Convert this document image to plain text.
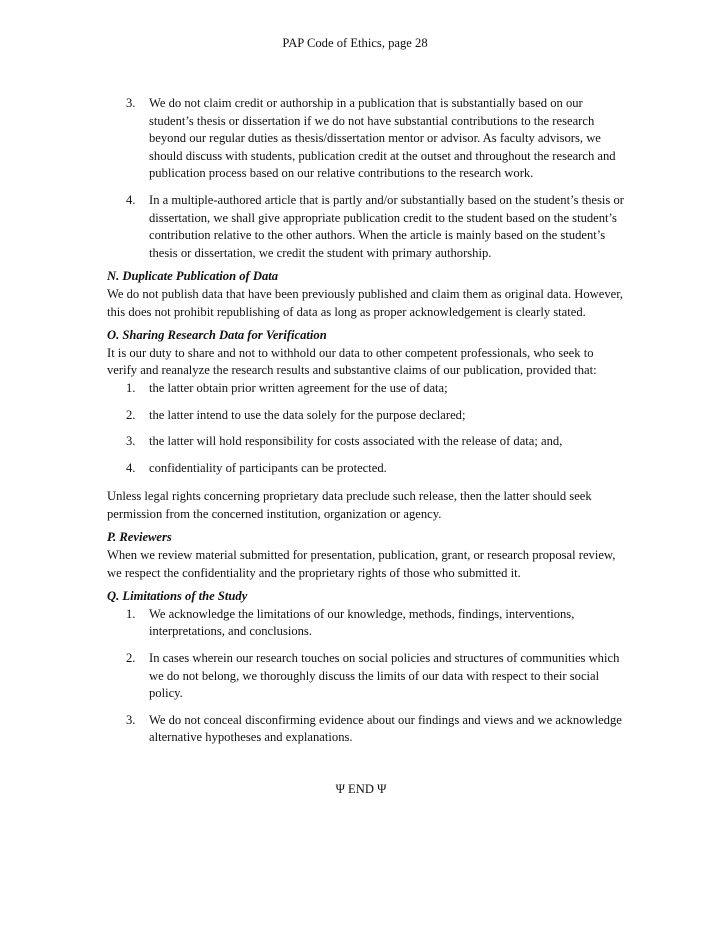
PAP Code of Ethics, page 28
3. We do not claim credit or authorship in a publication that is substantially based on our student’s thesis or dissertation if we do not have substantial contributions to the research beyond our regular duties as thesis/dissertation mentor or advisor. As faculty advisors, we should discuss with students, publication credit at the outset and throughout the research and publication process based on our relative contributions to the research work.
4. In a multiple-authored article that is partly and/or substantially based on the student’s thesis or dissertation, we shall give appropriate publication credit to the student based on the student’s contribution relative to the other authors. When the article is mainly based on the student’s thesis or dissertation, we credit the student with primary authorship.
N. Duplicate Publication of Data

We do not publish data that have been previously published and claim them as original data. However, this does not prohibit republishing of data as long as proper acknowledgement is clearly stated.

O. Sharing Research Data for Verification

It is our duty to share and not to withhold our data to other competent professionals, who seek to verify and reanalyze the research results and substantive claims of our publication, provided that:

1. the latter obtain prior written agreement for the use of data;
2. the latter intend to use the data solely for the purpose declared;
3. the latter will hold responsibility for costs associated with the release of data; and,
4. confidentiality of participants can be protected.

Unless legal rights concerning proprietary data preclude such release, then the latter should seek permission from the concerned institution, organization or agency.

P. Reviewers

When we review material submitted for presentation, publication, grant, or research proposal review, we respect the confidentiality and the proprietary rights of those who submitted it.

Q. Limitations of the Study
1. We acknowledge the limitations of our knowledge, methods, findings, interventions, interpretations, and conclusions.
2. In cases wherein our research touches on social policies and structures of communities which we do not belong, we thoroughly discuss the limits of our data with respect to their social policy.
3. We do not conceal disconfirming evidence about our findings and views and we acknowledge alternative hypotheses and explanations.
Ψ END Ψ
